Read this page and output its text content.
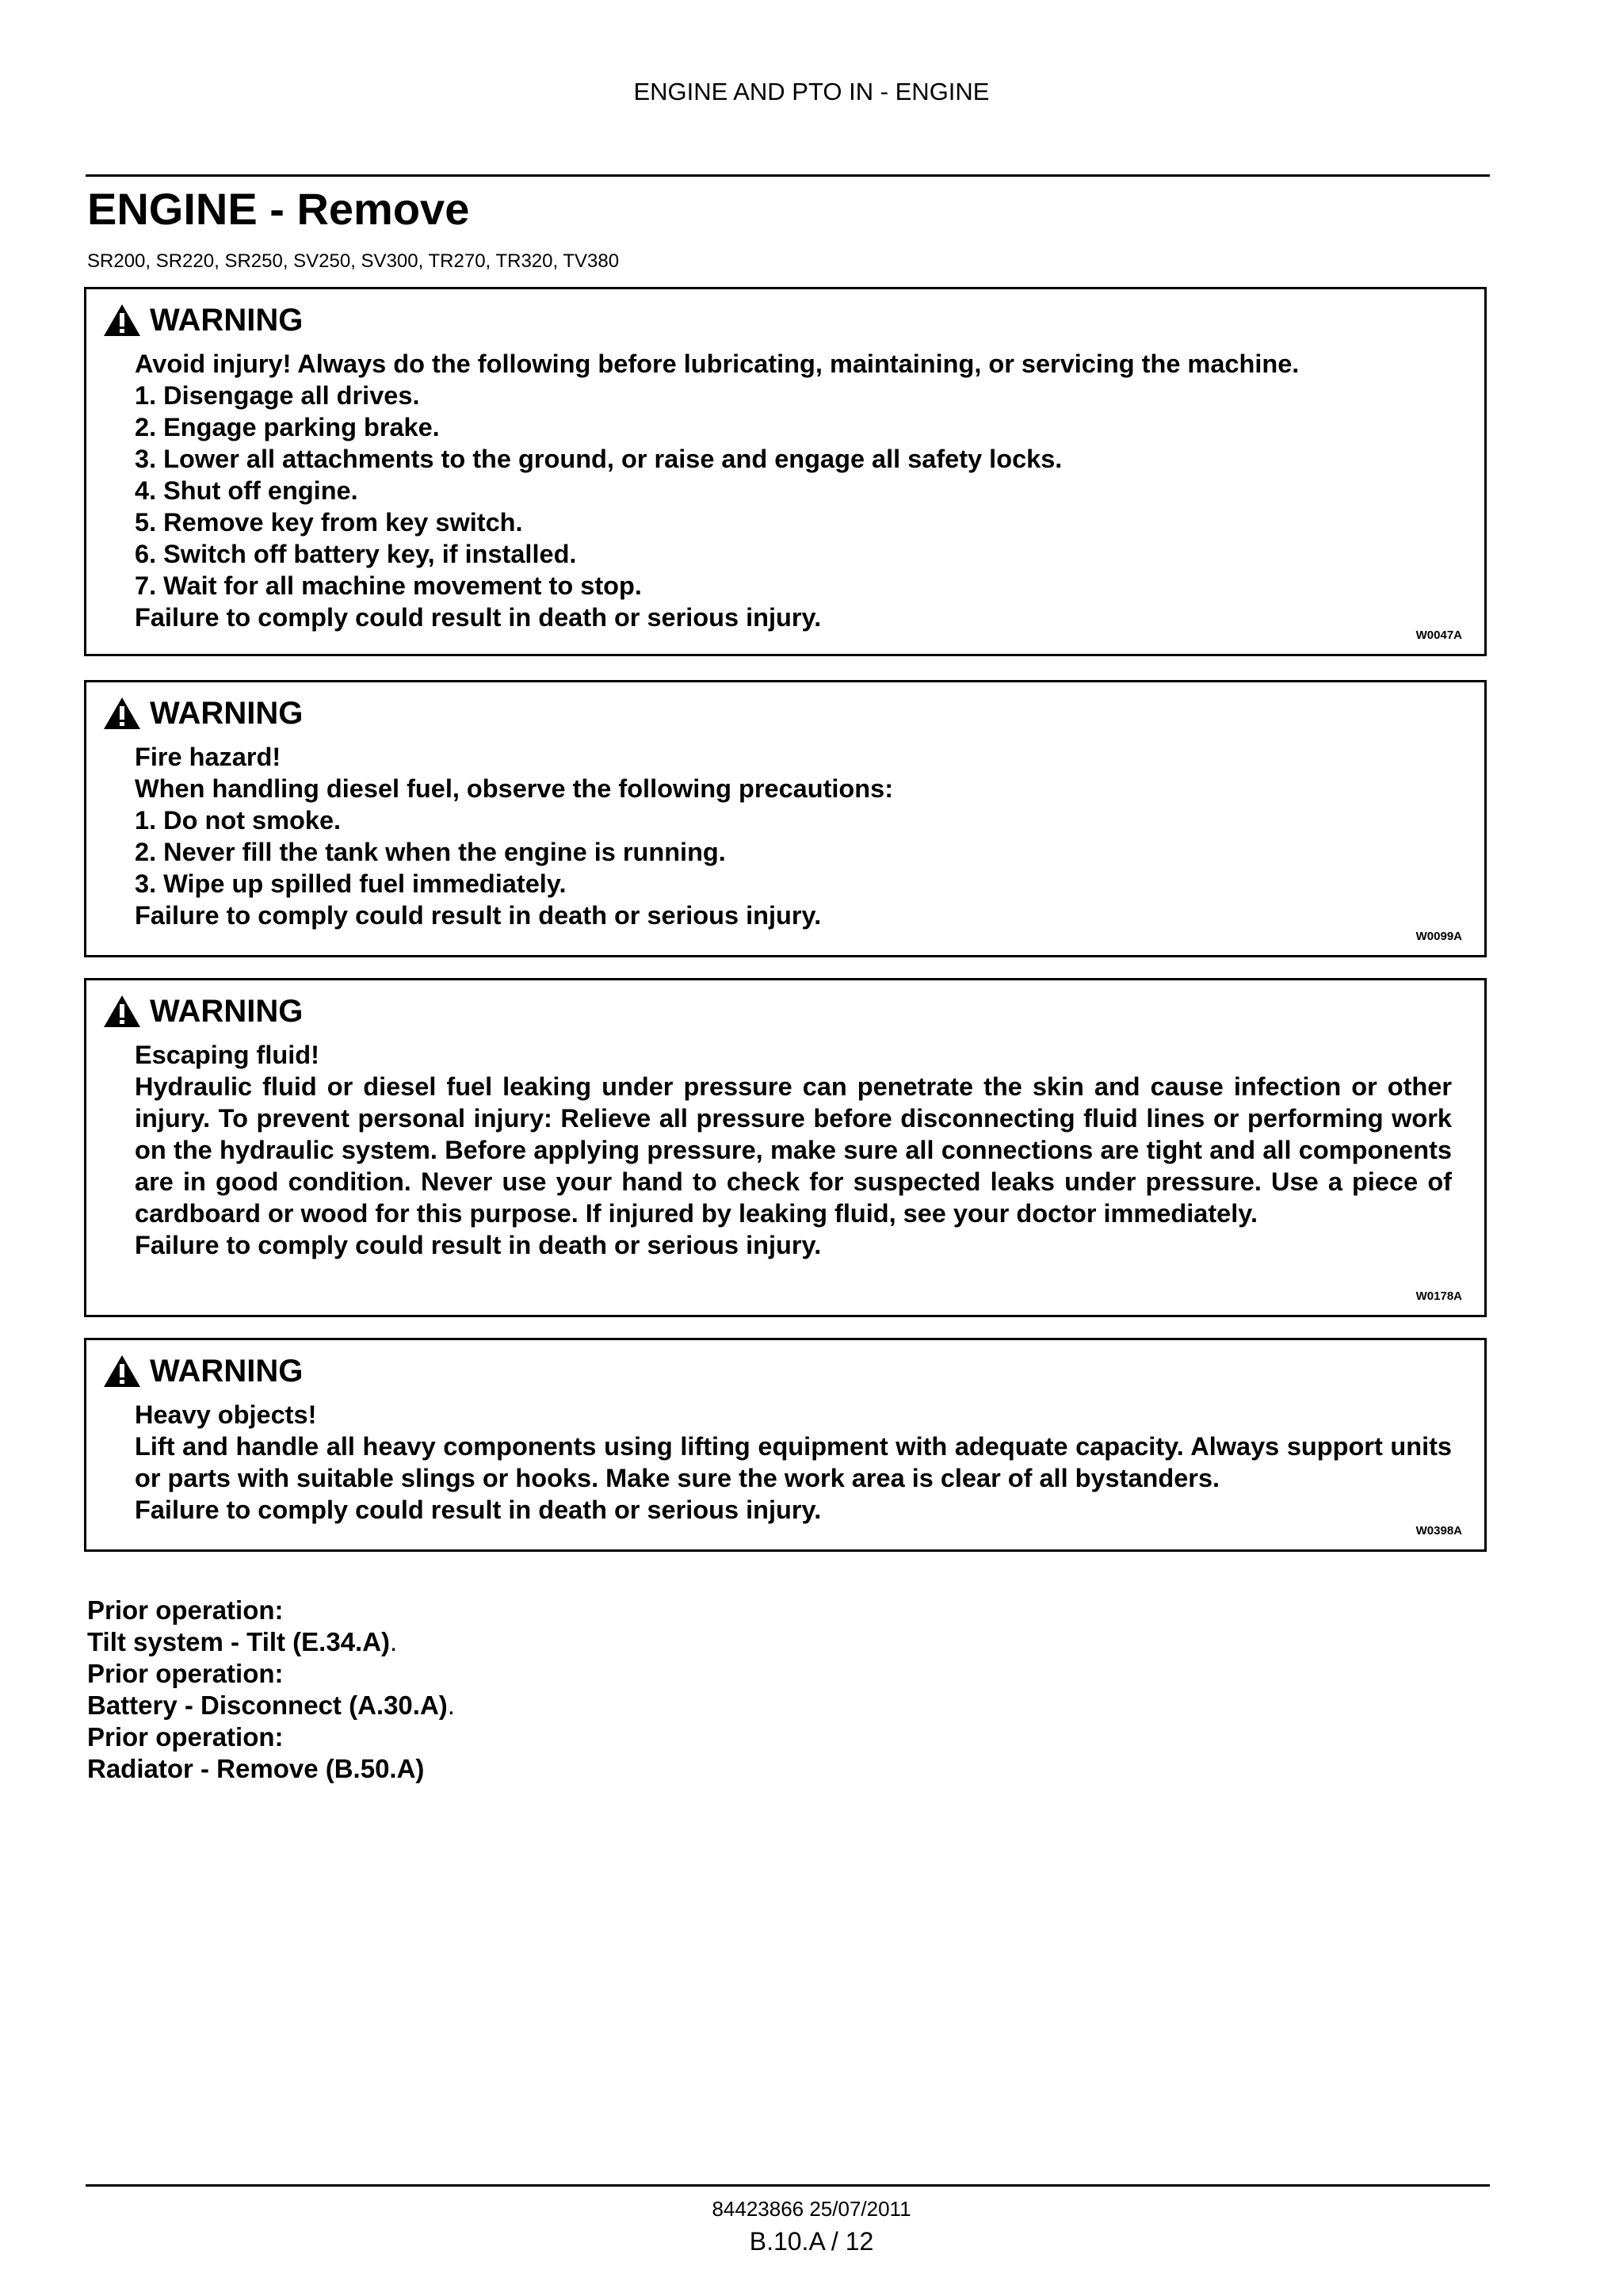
ENGINE AND PTO IN - ENGINE
ENGINE - Remove
SR200, SR220, SR250, SV250, SV300, TR270, TR320, TV380
WARNING
Avoid injury! Always do the following before lubricating, maintaining, or servicing the machine.
1. Disengage all drives.
2. Engage parking brake.
3. Lower all attachments to the ground, or raise and engage all safety locks.
4. Shut off engine.
5. Remove key from key switch.
6. Switch off battery key, if installed.
7. Wait for all machine movement to stop.
Failure to comply could result in death or serious injury.
W0047A
WARNING
Fire hazard!
When handling diesel fuel, observe the following precautions:
1. Do not smoke.
2. Never fill the tank when the engine is running.
3. Wipe up spilled fuel immediately.
Failure to comply could result in death or serious injury.
W0099A
WARNING
Escaping fluid!
Hydraulic fluid or diesel fuel leaking under pressure can penetrate the skin and cause infection or other injury. To prevent personal injury: Relieve all pressure before disconnecting fluid lines or performing work on the hydraulic system. Before applying pressure, make sure all connections are tight and all components are in good condition. Never use your hand to check for suspected leaks under pressure. Use a piece of cardboard or wood for this purpose. If injured by leaking fluid, see your doctor immediately.
Failure to comply could result in death or serious injury.
W0178A
WARNING
Heavy objects!
Lift and handle all heavy components using lifting equipment with adequate capacity. Always support units or parts with suitable slings or hooks. Make sure the work area is clear of all bystanders.
Failure to comply could result in death or serious injury.
W0398A
Prior operation:
Tilt system - Tilt (E.34.A).
Prior operation:
Battery - Disconnect (A.30.A).
Prior operation:
Radiator - Remove (B.50.A)
84423866 25/07/2011
B.10.A / 12
